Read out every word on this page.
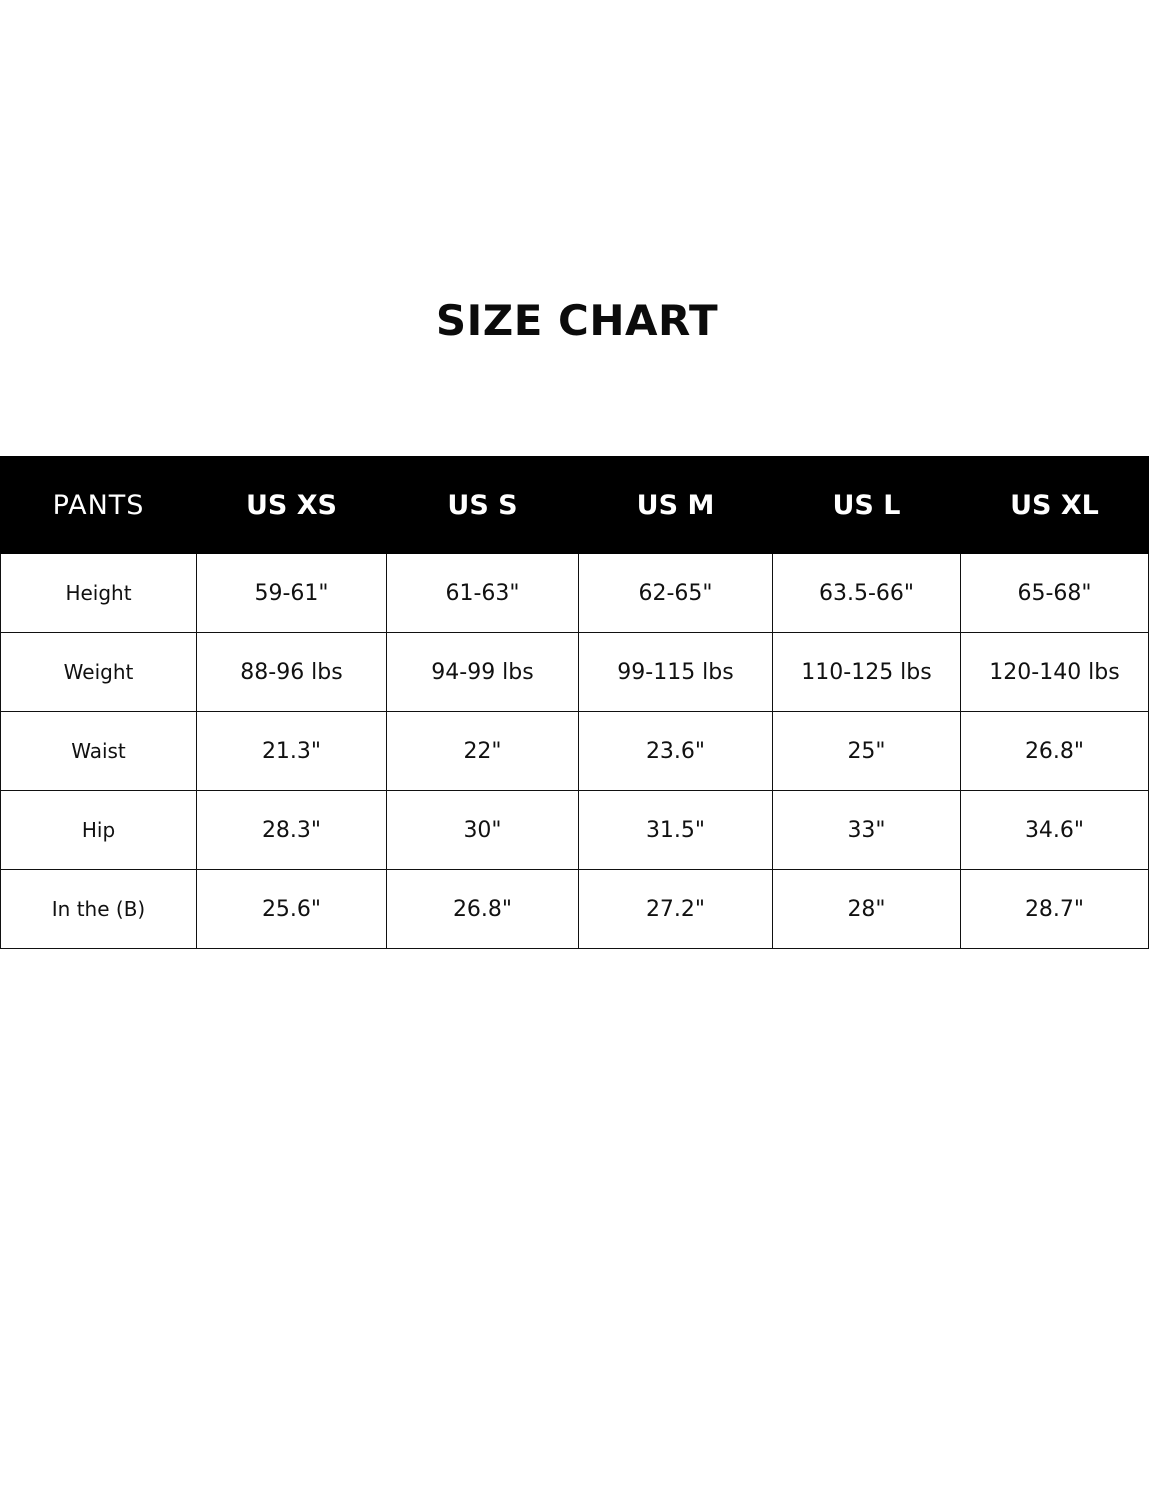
SIZE CHART
PANTS	US XS	US S	US M	US L	US XL
Height	59-61"	61-63"	62-65"	63.5-66"	65-68"
Weight	88-96 lbs	94-99 lbs	99-115 lbs	110-125 lbs	120-140 lbs
Waist	21.3"	22"	23.6"	25"	26.8"
Hip	28.3"	30"	31.5"	33"	34.6"
In the (B)	25.6"	26.8"	27.2"	28"	28.7"
